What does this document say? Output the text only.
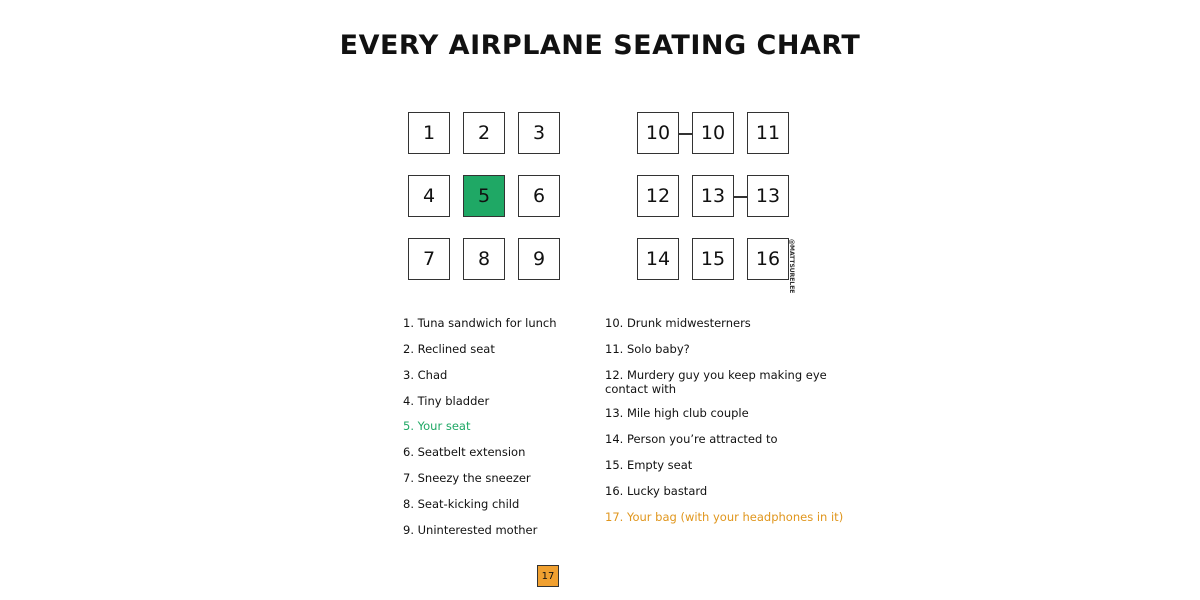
EVERY AIRPLANE SEATING CHART
1	2	3
4	5	6
7	8	9
10	10	11
12	13	13
14	15	16	@MATTSURELEE
1. Tuna sandwich for lunch
2. Reclined seat
3. Chad
4. Tiny bladder
5. Your seat
6. Seatbelt extension
7. Sneezy the sneezer
8. Seat-kicking child
9. Uninterested mother
10. Drunk midwesterners
11. Solo baby?
12. Murdery guy you keep making eye
contact with
13. Mile high club couple
14. Person you’re attracted to
15. Empty seat
16. Lucky bastard
17. Your bag (with your headphones in it)
17
